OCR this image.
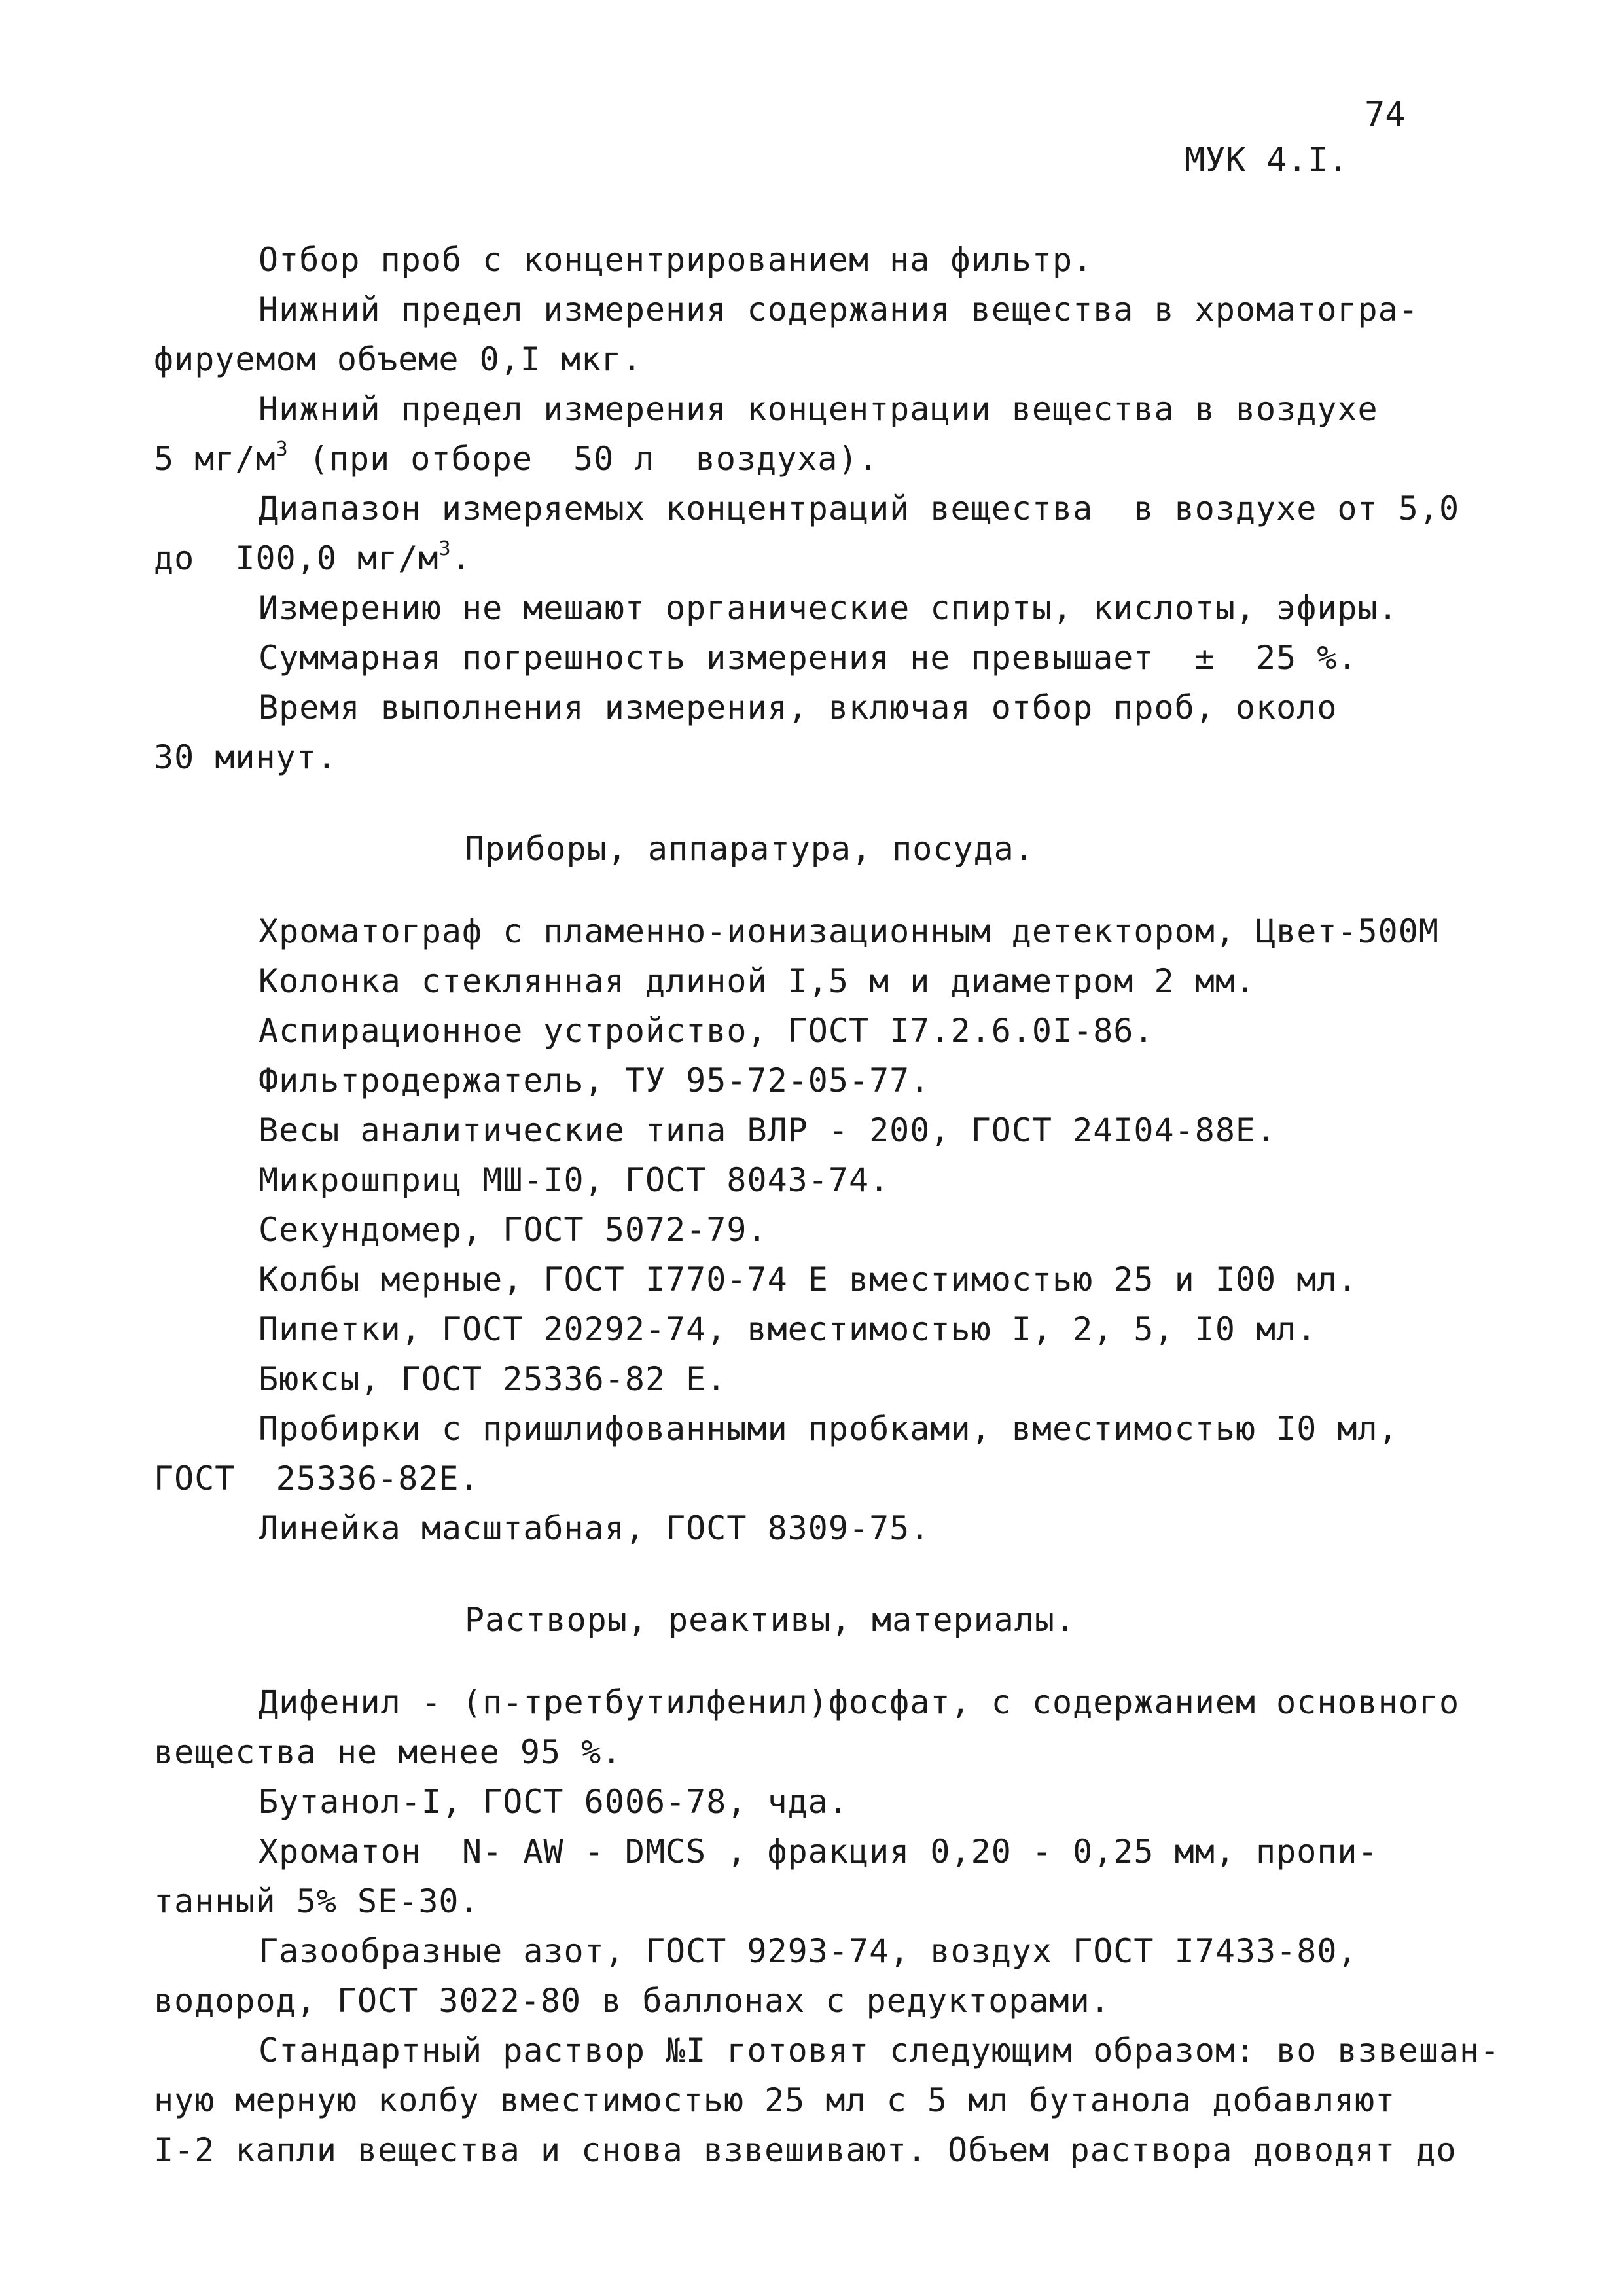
74
МУК 4.I.
Отбор проб с концентрированием на фильтр.
Нижний предел измерения содержания вещества в хроматогра-
фируемом объеме 0,I мкг.
Нижний предел измерения концентрации вещества в воздухе
5 $мг/м^3$ (при отборе  50 л  воздуха).
Диапазон измеряемых концентраций вещества  в воздухе от 5,0
до  I00,0 $мг/м^3$.
Измерению не мешают органические спирты, кислоты, эфиры.
Суммарная погрешность измерения не превышает  ±  25 %.
Время выполнения измерения, включая отбор проб, около
30 минут.
Приборы, аппаратура, посуда.
Хроматограф с пламенно-ионизационным детектором, Цвет-500М
Колонка стеклянная длиной I,5 м и диаметром 2 мм.
Аспирационное устройство, ГОСТ I7.2.6.0I-86.
Фильтродержатель, ТУ 95-72-05-77.
Весы аналитические типа ВЛР - 200, ГОСТ 24I04-88Е.
Микрошприц МШ-I0, ГОСТ 8043-74.
Секундомер, ГОСТ 5072-79.
Колбы мерные, ГОСТ I770-74 Е вместимостью 25 и I00 мл.
Пипетки, ГОСТ 20292-74, вместимостью I, 2, 5, I0 мл.
Бюксы, ГОСТ 25336-82 Е.
Пробирки с пришлифованными пробками, вместимостью I0 мл,
ГОСТ  25336-82Е.
Линейка масштабная, ГОСТ 8309-75.
Растворы, реактивы, материалы.
Дифенил - (п-третбутилфенил)фосфат, с содержанием основного
вещества не менее 95 %.
Бутанол-I, ГОСТ 6006-78, чда.
Хроматон  N- AW - DMCS , фракция 0,20 - 0,25 мм, пропи-
танный 5% SE-30.
Газообразные азот, ГОСТ 9293-74, воздух ГОСТ I7433-80,
водород, ГОСТ 3022-80 в баллонах с редукторами.
Стандартный раствор №I готовят следующим образом: во взвешан-
ную мерную колбу вместимостью 25 мл с 5 мл бутанола добавляют
I-2 капли вещества и снова взвешивают. Объем раствора доводят до
